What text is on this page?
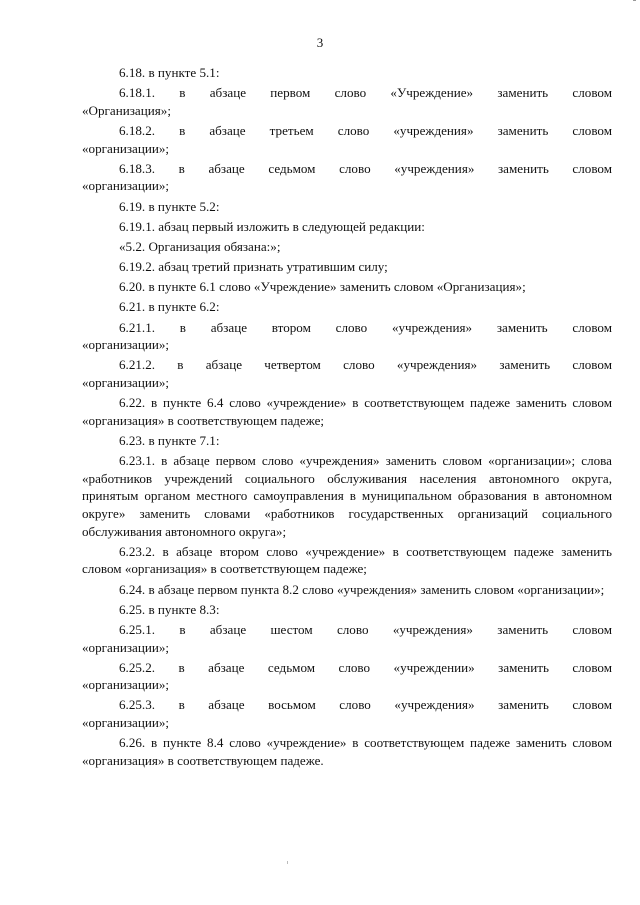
3

6.18. в пункте 5.1:

6.18.1. в абзаце первом слово «Учреждение» заменить словом

«Организация»;

6.18.2. в абзаце третьем слово «учреждения» заменить словом

«организации»;

6.18.3. в абзаце седьмом слово «учреждения» заменить словом

«организации»;

6.19. в пункте 5.2:

6.19.1. абзац первый изложить в следующей редакции:

«5.2. Организация обязана:»;

6.19.2. абзац третий признать утратившим силу;

6.20. в пункте 6.1 слово «Учреждение» заменить словом «Организация»;

6.21. в пункте 6.2:

6.21.1. в абзаце втором слово «учреждения» заменить словом

«организации»;

6.21.2. в абзаце четвертом слово «учреждения» заменить словом

«организации»;

6.22. в пункте 6.4 слово «учреждение» в соответствующем падеже заменить словом «организация» в соответствующем падеже;

6.23. в пункте 7.1:

6.23.1. в абзаце первом слово «учреждения» заменить словом «организации»; слова «работников учреждений социального обслуживания населения автономного округа, принятым органом местного самоуправления в муниципальном образования в автономном округе» заменить словами «работников государственных организаций социального обслуживания автономного округа»;

6.23.2. в абзаце втором слово «учреждение» в соответствующем падеже заменить словом «организация» в соответствующем падеже;

6.24. в абзаце первом пункта 8.2 слово «учреждения» заменить словом «организации»;

6.25. в пункте 8.3:

6.25.1. в абзаце шестом слово «учреждения» заменить словом

«организации»;

6.25.2. в абзаце седьмом слово «учреждении» заменить словом

«организации»;

6.25.3. в абзаце восьмом слово «учреждения» заменить словом

«организации»;

6.26. в пункте 8.4 слово «учреждение» в соответствующем падеже заменить словом «организация» в соответствующем падеже.
